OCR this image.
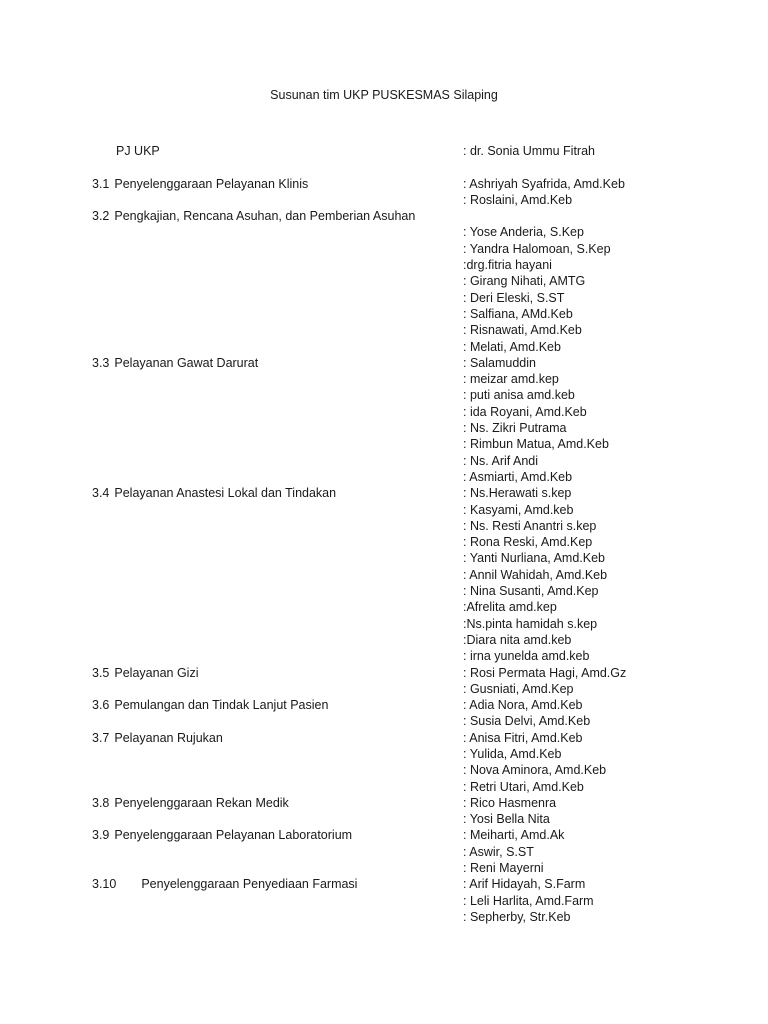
Susunan tim UKP PUSKESMAS Silaping
PJ UKP	: dr. Sonia Ummu Fitrah
3.1 Penyelenggaraan Pelayanan Klinis	: Ashriyah Syafrida, Amd.Keb
: Roslaini, Amd.Keb
3.2 Pengkajian, Rencana Asuhan, dan Pemberian Asuhan
: Yose Anderia, S.Kep
: Yandra Halomoan, S.Kep
:drg.fitria hayani
: Girang Nihati, AMTG
: Deri Eleski, S.ST
: Salfiana, AMd.Keb
: Risnawati, Amd.Keb
: Melati, Amd.Keb
3.3 Pelayanan Gawat Darurat	: Salamuddin
: meizar amd.kep
: puti anisa amd.keb
: ida Royani, Amd.Keb
: Ns. Zikri Putrama
: Rimbun Matua, Amd.Keb
: Ns. Arif Andi
: Asmiarti, Amd.Keb
3.4 Pelayanan Anastesi Lokal dan Tindakan	: Ns.Herawati s.kep
: Kasyami, Amd.keb
: Ns. Resti Anantri s.kep
: Rona Reski, Amd.Kep
: Yanti Nurliana, Amd.Keb
: Annil Wahidah, Amd.Keb
: Nina Susanti, Amd.Kep
:Afrelita amd.kep
:Ns.pinta hamidah s.kep
:Diara nita amd.keb
: irna yunelda amd.keb
3.5 Pelayanan Gizi	: Rosi Permata Hagi, Amd.Gz
: Gusniati, Amd.Kep
3.6 Pemulangan dan Tindak Lanjut Pasien	: Adia Nora, Amd.Keb
: Susia Delvi, Amd.Keb
3.7 Pelayanan Rujukan	: Anisa Fitri, Amd.Keb
: Yulida, Amd.Keb
: Nova Aminora, Amd.Keb
: Retri Utari, Amd.Keb
3.8 Penyelenggaraan Rekan Medik	: Rico Hasmenra
: Yosi Bella Nita
3.9 Penyelenggaraan Pelayanan Laboratorium	: Meiharti, Amd.Ak
: Aswir, S.ST
: Reni Mayerni
3.10 Penyelenggaraan Penyediaan Farmasi	: Arif Hidayah, S.Farm
: Leli Harlita, Amd.Farm
: Sepherby, Str.Keb
